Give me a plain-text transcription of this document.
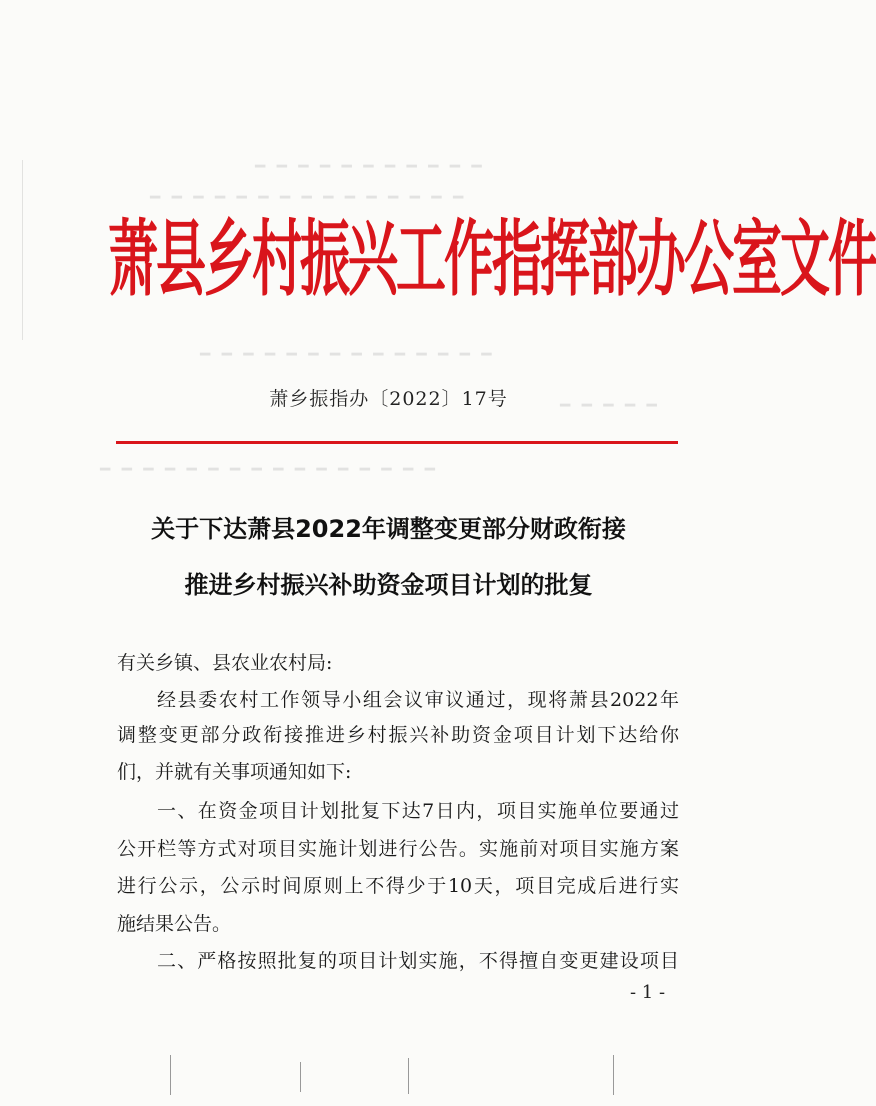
━ ━ ━ ━ ━ ━ ━ ━ ━ ━ ━
━ ━ ━ ━ ━ ━ ━ ━ ━ ━ ━ ━ ━ ━ ━
━ ━ ━ ━ ━ ━ ━ ━ ━ ━ ━ ━ ━ ━
━ ━ ━ ━ ━
━ ━ ━ ━ ━ ━ ━ ━ ━ ━ ━ ━ ━ ━ ━ ━
萧县乡村振兴工作指挥部办公室文件
萧乡振指办〔2022〕17号
关于下达萧县2022年调整变更部分财政衔接
推进乡村振兴补助资金项目计划的批复
有关乡镇、县农业农村局:
经县委农村工作领导小组会议审议通过，现将萧县2022年
调整变更部分政衔接推进乡村振兴补助资金项目计划下达给你
们，并就有关事项通知如下:
一、在资金项目计划批复下达7日内，项目实施单位要通过
公开栏等方式对项目实施计划进行公告。实施前对项目实施方案
进行公示，公示时间原则上不得少于10天，项目完成后进行实
施结果公告。
二、严格按照批复的项目计划实施，不得擅自变更建设项目
- 1 -
